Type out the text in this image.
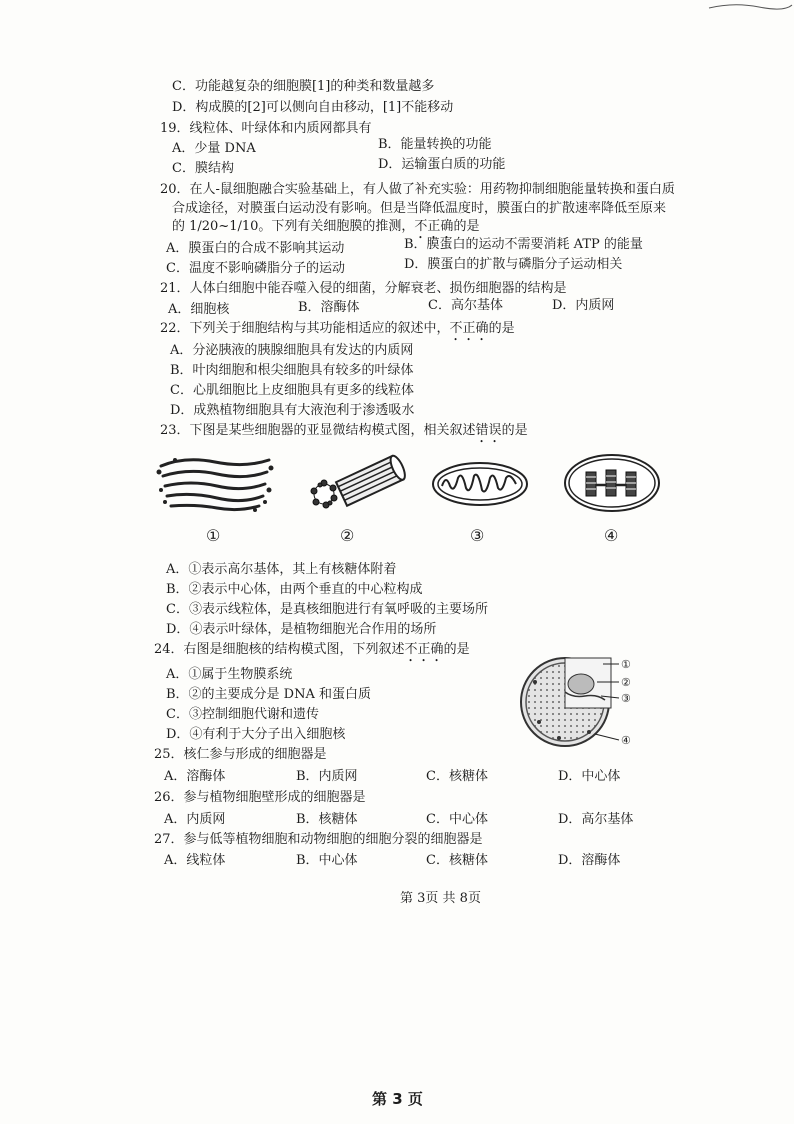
C．功能越复杂的细胞膜[1]的种类和数量越多
D．构成膜的[2]可以侧向自由移动，[1]不能移动
19．线粒体、叶绿体和内质网都具有
A．少量 DNA	B．能量转换的功能
C．膜结构	D．运输蛋白质的功能
20．在人-鼠细胞融合实验基础上，有人做了补充实验：用药物抑制细胞能量转换和蛋白质
合成途径，对膜蛋白运动没有影响。但是当降低温度时，膜蛋白的扩散速率降低至原来
的 1/20~1/10。下列有关细胞膜的推测，不正确的是
A．膜蛋白的合成不影响其运动	B．膜蛋白的运动不需要消耗 ATP 的能量
C．温度不影响磷脂分子的运动	D．膜蛋白的扩散与磷脂分子运动相关
21．人体白细胞中能吞噬入侵的细菌，分解衰老、损伤细胞器的结构是
A．细胞核	B．溶酶体	C．高尔基体	D．内质网
22．下列关于细胞结构与其功能相适应的叙述中，不正确的是
A．分泌胰液的胰腺细胞具有发达的内质网
B．叶肉细胞和根尖细胞具有较多的叶绿体
C．心肌细胞比上皮细胞具有更多的线粒体
D．成熟植物细胞具有大液泡利于渗透吸水
23．下图是某些细胞器的亚显微结构模式图，相关叙述错误的是
①	②	③	④
A．①表示高尔基体，其上有核糖体附着
B．②表示中心体，由两个垂直的中心粒构成
C．③表示线粒体，是真核细胞进行有氧呼吸的主要场所
D．④表示叶绿体，是植物细胞光合作用的场所
24．右图是细胞核的结构模式图，下列叙述不正确的是
A．①属于生物膜系统
B．②的主要成分是 DNA 和蛋白质
C．③控制细胞代谢和遗传
D．④有利于大分子出入细胞核
①
②
③
④
25．核仁参与形成的细胞器是
A．溶酶体	B．内质网	C．核糖体	D．中心体
26．参与植物细胞壁形成的细胞器是
A．内质网	B．核糖体	C．中心体	D．高尔基体
27．参与低等植物细胞和动物细胞的细胞分裂的细胞器是
A．线粒体	B．中心体	C．核糖体	D．溶酶体
第 3页 共 8页
第 3 页
